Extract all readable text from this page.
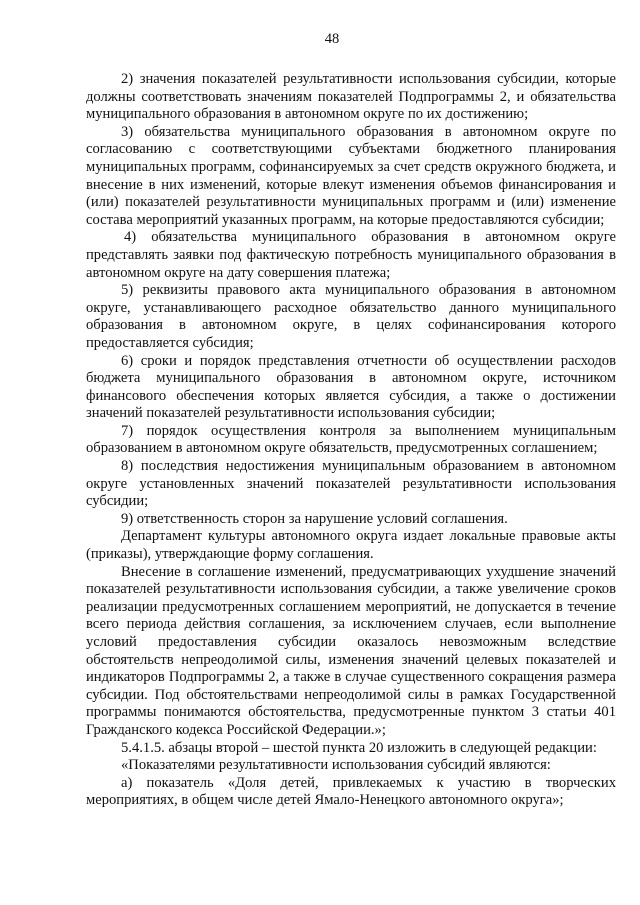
48

2) значения показателей результативности использования субсидии, которые должны соответствовать значениям показателей Подпрограммы 2, и обязательства муниципального образования в автономном округе по их достижению;

3) обязательства муниципального образования в автономном округе по согласованию с соответствующими субъектами бюджетного планирования муниципальных программ, софинансируемых за счет средств окружного бюджета, и внесение в них изменений, которые влекут изменения объемов финансирования и (или) показателей результативности муниципальных программ и (или) изменение состава мероприятий указанных программ, на которые предоставляются субсидии;

4) обязательства муниципального образования в автономном округе представлять заявки под фактическую потребность муниципального образования в автономном округе на дату совершения платежа;

5) реквизиты правового акта муниципального образования в автономном округе, устанавливающего расходное обязательство данного муниципального образования в автономном округе, в целях софинансирования которого предоставляется субсидия;

6) сроки и порядок представления отчетности об осуществлении расходов бюджета муниципального образования в автономном округе, источником финансового обеспечения которых является субсидия, а также о достижении значений показателей результативности использования субсидии;

7) порядок осуществления контроля за выполнением муниципальным образованием в автономном округе обязательств, предусмотренных соглашением;

8) последствия недостижения муниципальным образованием в автономном округе установленных значений показателей результативности использования субсидии;

9) ответственность сторон за нарушение условий соглашения.

Департамент культуры автономного округа издает локальные правовые акты (приказы), утверждающие форму соглашения.

Внесение в соглашение изменений, предусматривающих ухудшение значений показателей результативности использования субсидии, а также увеличение сроков реализации предусмотренных соглашением мероприятий, не допускается в течение всего периода действия соглашения, за исключением случаев, если выполнение условий предоставления субсидии оказалось невозможным вследствие обстоятельств непреодолимой силы, изменения значений целевых показателей и индикаторов Подпрограммы 2, а также в случае существенного сокращения размера субсидии. Под обстоятельствами непреодолимой силы в рамках Государственной программы понимаются обстоятельства, предусмотренные пунктом 3 статьи 401 Гражданского кодекса Российской Федерации.»;

5.4.1.5. абзацы второй – шестой пункта 20 изложить в следующей редакции:

«Показателями результативности использования субсидий являются:

а) показатель «Доля детей, привлекаемых к участию в творческих мероприятиях, в общем числе детей Ямало-Ненецкого автономного округа»;
